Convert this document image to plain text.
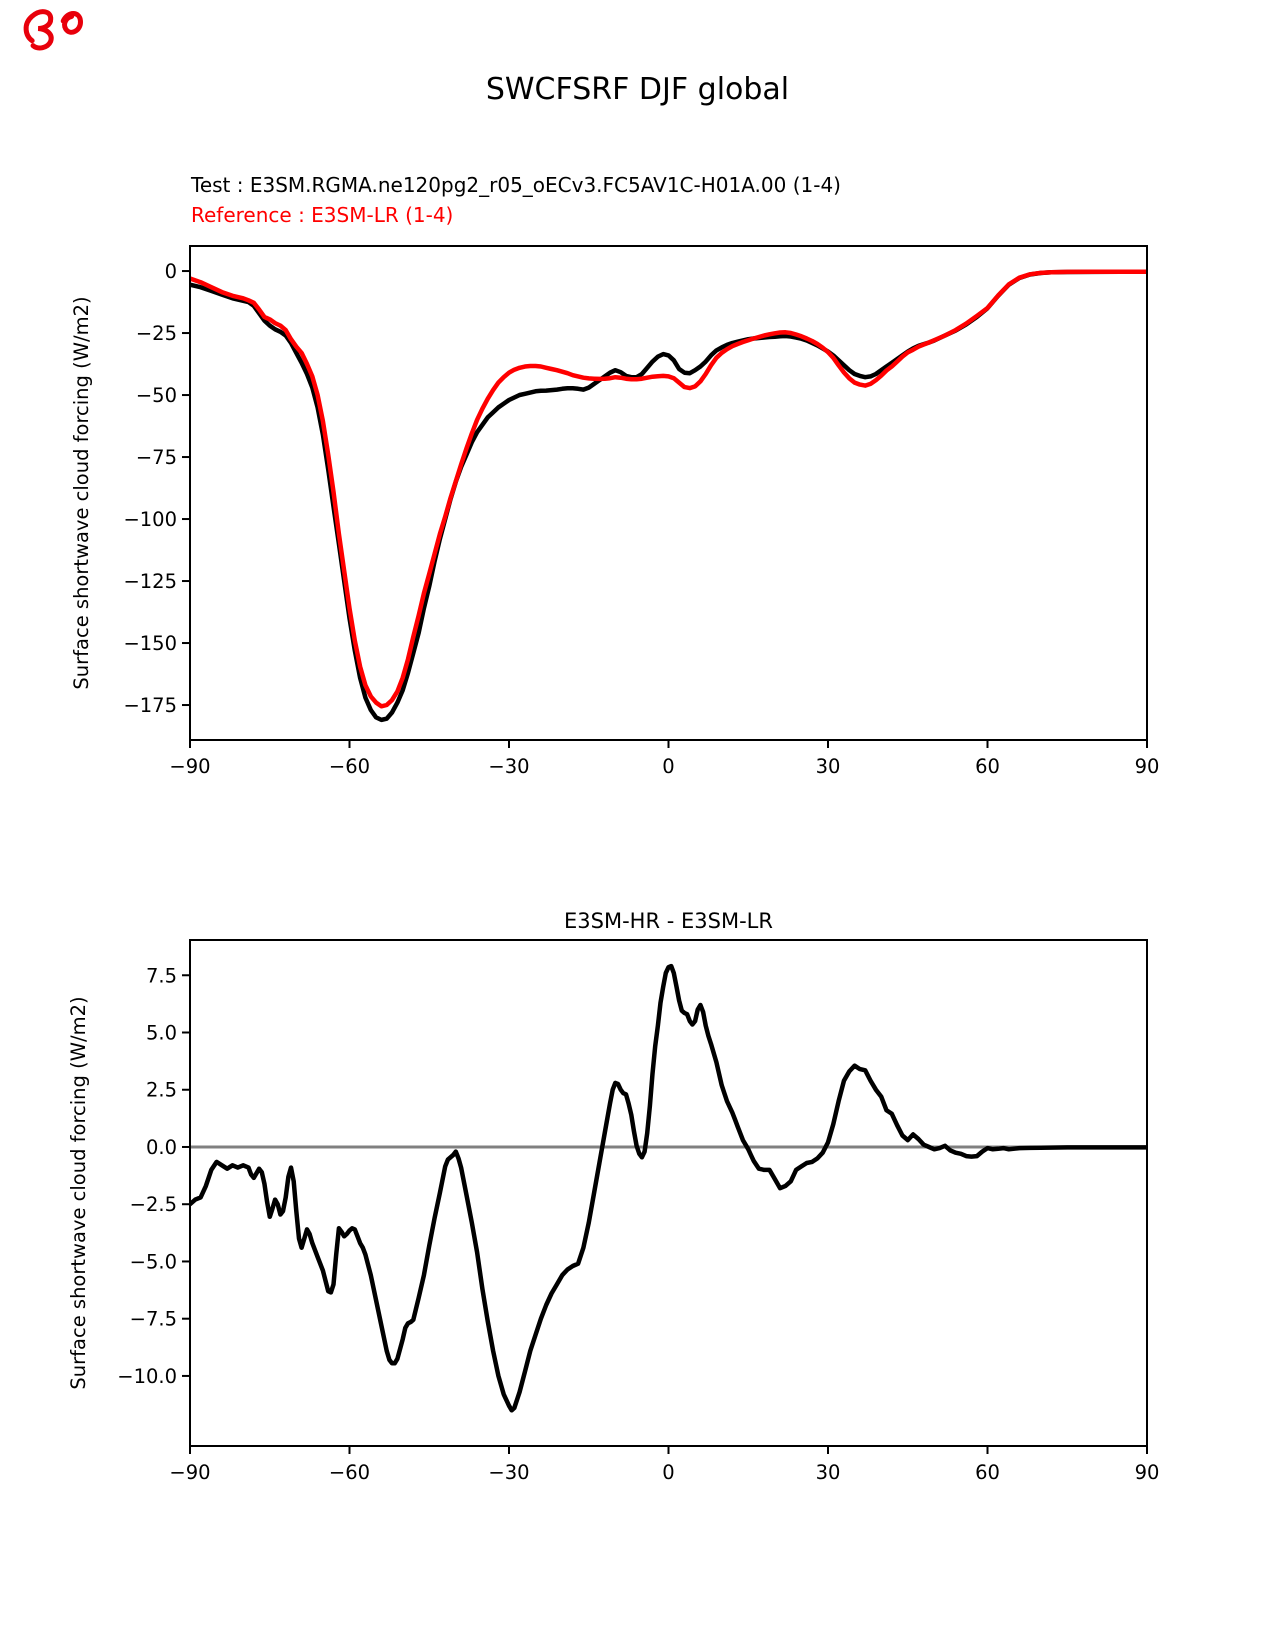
SWCFSRF DJF global
Test : E3SM.RGMA.ne120pg2_r05_oECv3.FC5AV1C-H01A.00 (1-4)
Reference : E3SM-LR (1-4)
−90	−60	−30	0	30	60	90
0
−25
−50
−75
−100
−125
−150
−175
Surface shortwave cloud forcing (W/m2)
−90	−60	−30	0	30	60	90
7.5
5.0
2.5
0.0
−2.5
−5.0
−7.5
−10.0
E3SM-HR - E3SM-LR
Surface shortwave cloud forcing (W/m2)
